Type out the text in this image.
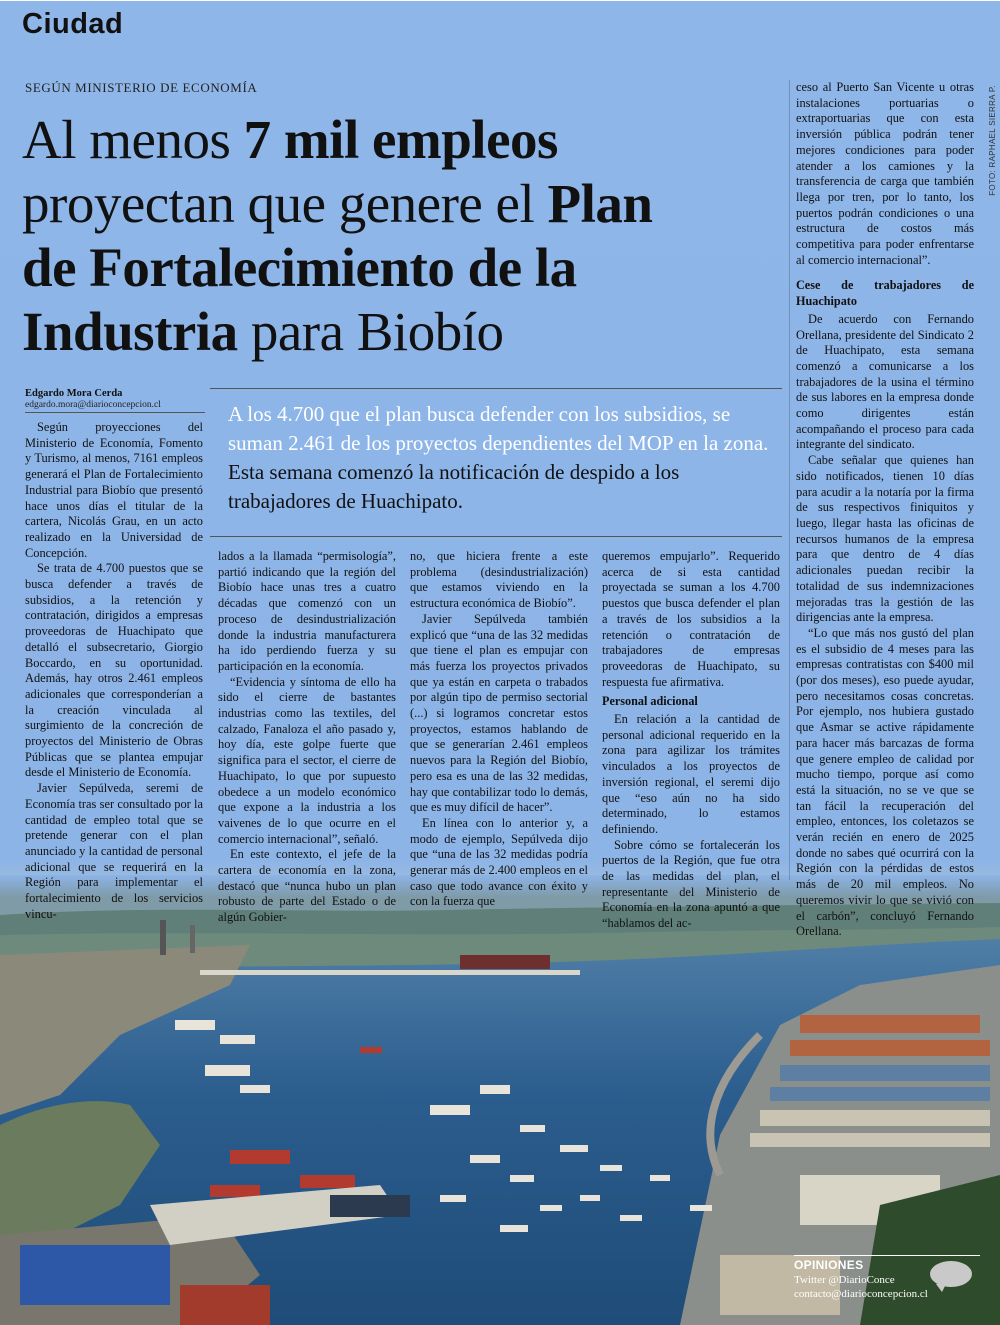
Ciudad
FOTO: RAPHAEL SIERRA P.
SEGÚN MINISTERIO DE ECONOMÍA
Al menos 7 mil empleos
proyectan que genere el Plan
de Fortalecimiento de la
Industria para Biobío
Edgardo Mora Cerda
edgardo.mora@diarioconcepcion.cl	A los 4.700 que el plan busca defender con los subsidios, se suman 2.461 de los proyectos dependientes del MOP en la zona. Esta semana comenzó la notificación de despido a los trabajadores de Huachipato.

Según proyecciones del Ministerio de Economía, Fomento y Turismo, al menos, 7161 empleos generará el Plan de Fortalecimiento Industrial para Biobío que presentó hace unos días el titular de la cartera, Nicolás Grau, en un acto realizado en la Universidad de Concepción.

Se trata de 4.700 puestos que se busca defender a través de subsidios, a la retención y contratación, dirigidos a empresas proveedoras de Huachipato que detalló el subsecretario, Giorgio Boccardo, en su oportunidad. Además, hay otros 2.461 empleos adicionales que corresponderían a la creación vinculada al surgimiento de la concreción de proyectos del Ministerio de Obras Públicas que se plantea empujar desde el Ministerio de Economía.

Javier Sepúlveda, seremi de Economía tras ser consultado por la cantidad de empleo total que se pretende generar con el plan anunciado y la cantidad de personal adicional que se requerirá en la Región para implementar el fortalecimiento de los servicios vincu-

lados a la llamada “permisología”, partió indicando que la región del Biobío hace unas tres a cuatro décadas que comenzó con un proceso de desindustrialización donde la industria manufacturera ha ido perdiendo fuerza y su participación en la economía.

“Evidencia y síntoma de ello ha sido el cierre de bastantes industrias como las textiles, del calzado, Fanaloza el año pasado y, hoy día, este golpe fuerte que significa para el sector, el cierre de Huachipato, lo que por supuesto obedece a un modelo económico que expone a la industria a los vaivenes de lo que ocurre en el comercio internacional”, señaló.

En este contexto, el jefe de la cartera de economía en la zona, destacó que “nunca hubo un plan robusto de parte del Estado o de algún Gobier-

no, que hiciera frente a este problema (desindustrialización) que estamos viviendo en la estructura económica de Biobío”.

Javier Sepúlveda también explicó que “una de las 32 medidas que tiene el plan es empujar con más fuerza los proyectos privados que ya están en carpeta o trabados por algún tipo de permiso sectorial (...) si logramos concretar estos proyectos, estamos hablando de que se generarían 2.461 empleos nuevos para la Región del Biobío, pero esa es una de las 32 medidas, hay que contabilizar todo lo demás, que es muy difícil de hacer”.

En línea con lo anterior y, a modo de ejemplo, Sepúlveda dijo que “una de las 32 medidas podría generar más de 2.400 empleos en el caso que todo avance con éxito y con la fuerza que

queremos empujarlo”. Requerido acerca de si esta cantidad proyectada se suman a los 4.700 puestos que busca defender el plan a través de los subsidios a la retención o contratación de trabajadores de empresas proveedoras de Huachipato, su respuesta fue afirmativa.

Personal adicional

En relación a la cantidad de personal adicional requerido en la zona para agilizar los trámites vinculados a los proyectos de inversión regional, el seremi dijo que “eso aún no ha sido determinado, lo estamos definiendo.

Sobre cómo se fortalecerán los puertos de la Región, que fue otra de las medidas del plan, el representante del Ministerio de Economía en la zona apuntó a que “hablamos del ac-

ceso al Puerto San Vicente u otras instalaciones portuarias o extraportuarias que con esta inversión pública podrán tener mejores condiciones para poder atender a los camiones y la transferencia de carga que también llega por tren, por lo tanto, los puertos podrán condiciones o una estructura de costos más competitiva para poder enfrentarse al comercio internacional”.

Cese de trabajadores de Huachipato

De acuerdo con Fernando Orellana, presidente del Sindicato 2 de Huachipato, esta semana comenzó a comunicarse a los trabajadores de la usina el término de sus labores en la empresa donde como dirigentes están acompañando el proceso para cada integrante del sindicato.

Cabe señalar que quienes han sido notificados, tienen 10 días para acudir a la notaría por la firma de sus respectivos finiquitos y luego, llegar hasta las oficinas de recursos humanos de la empresa para que dentro de 4 días adicionales puedan recibir la totalidad de sus indemnizaciones mejoradas tras la gestión de las dirigencias ante la empresa.

“Lo que más nos gustó del plan es el subsidio de 4 meses para las empresas contratistas con $400 mil (por dos meses), eso puede ayudar, pero necesitamos cosas concretas. Por ejemplo, nos hubiera gustado que Asmar se active rápidamente para hacer más barcazas de forma que genere empleo de calidad por mucho tiempo, porque así como está la situación, no se ve que se tan fácil la recuperación del empleo, entonces, los coletazos se verán recién en enero de 2025 donde no sabes qué ocurrirá con la Región con la pérdidas de estos más de 20 mil empleos. No queremos vivir lo que se vivió con el carbón”, concluyó Fernando Orellana.

OPINIONES
Twitter @DiarioConce
contacto@diarioconcepcion.cl
